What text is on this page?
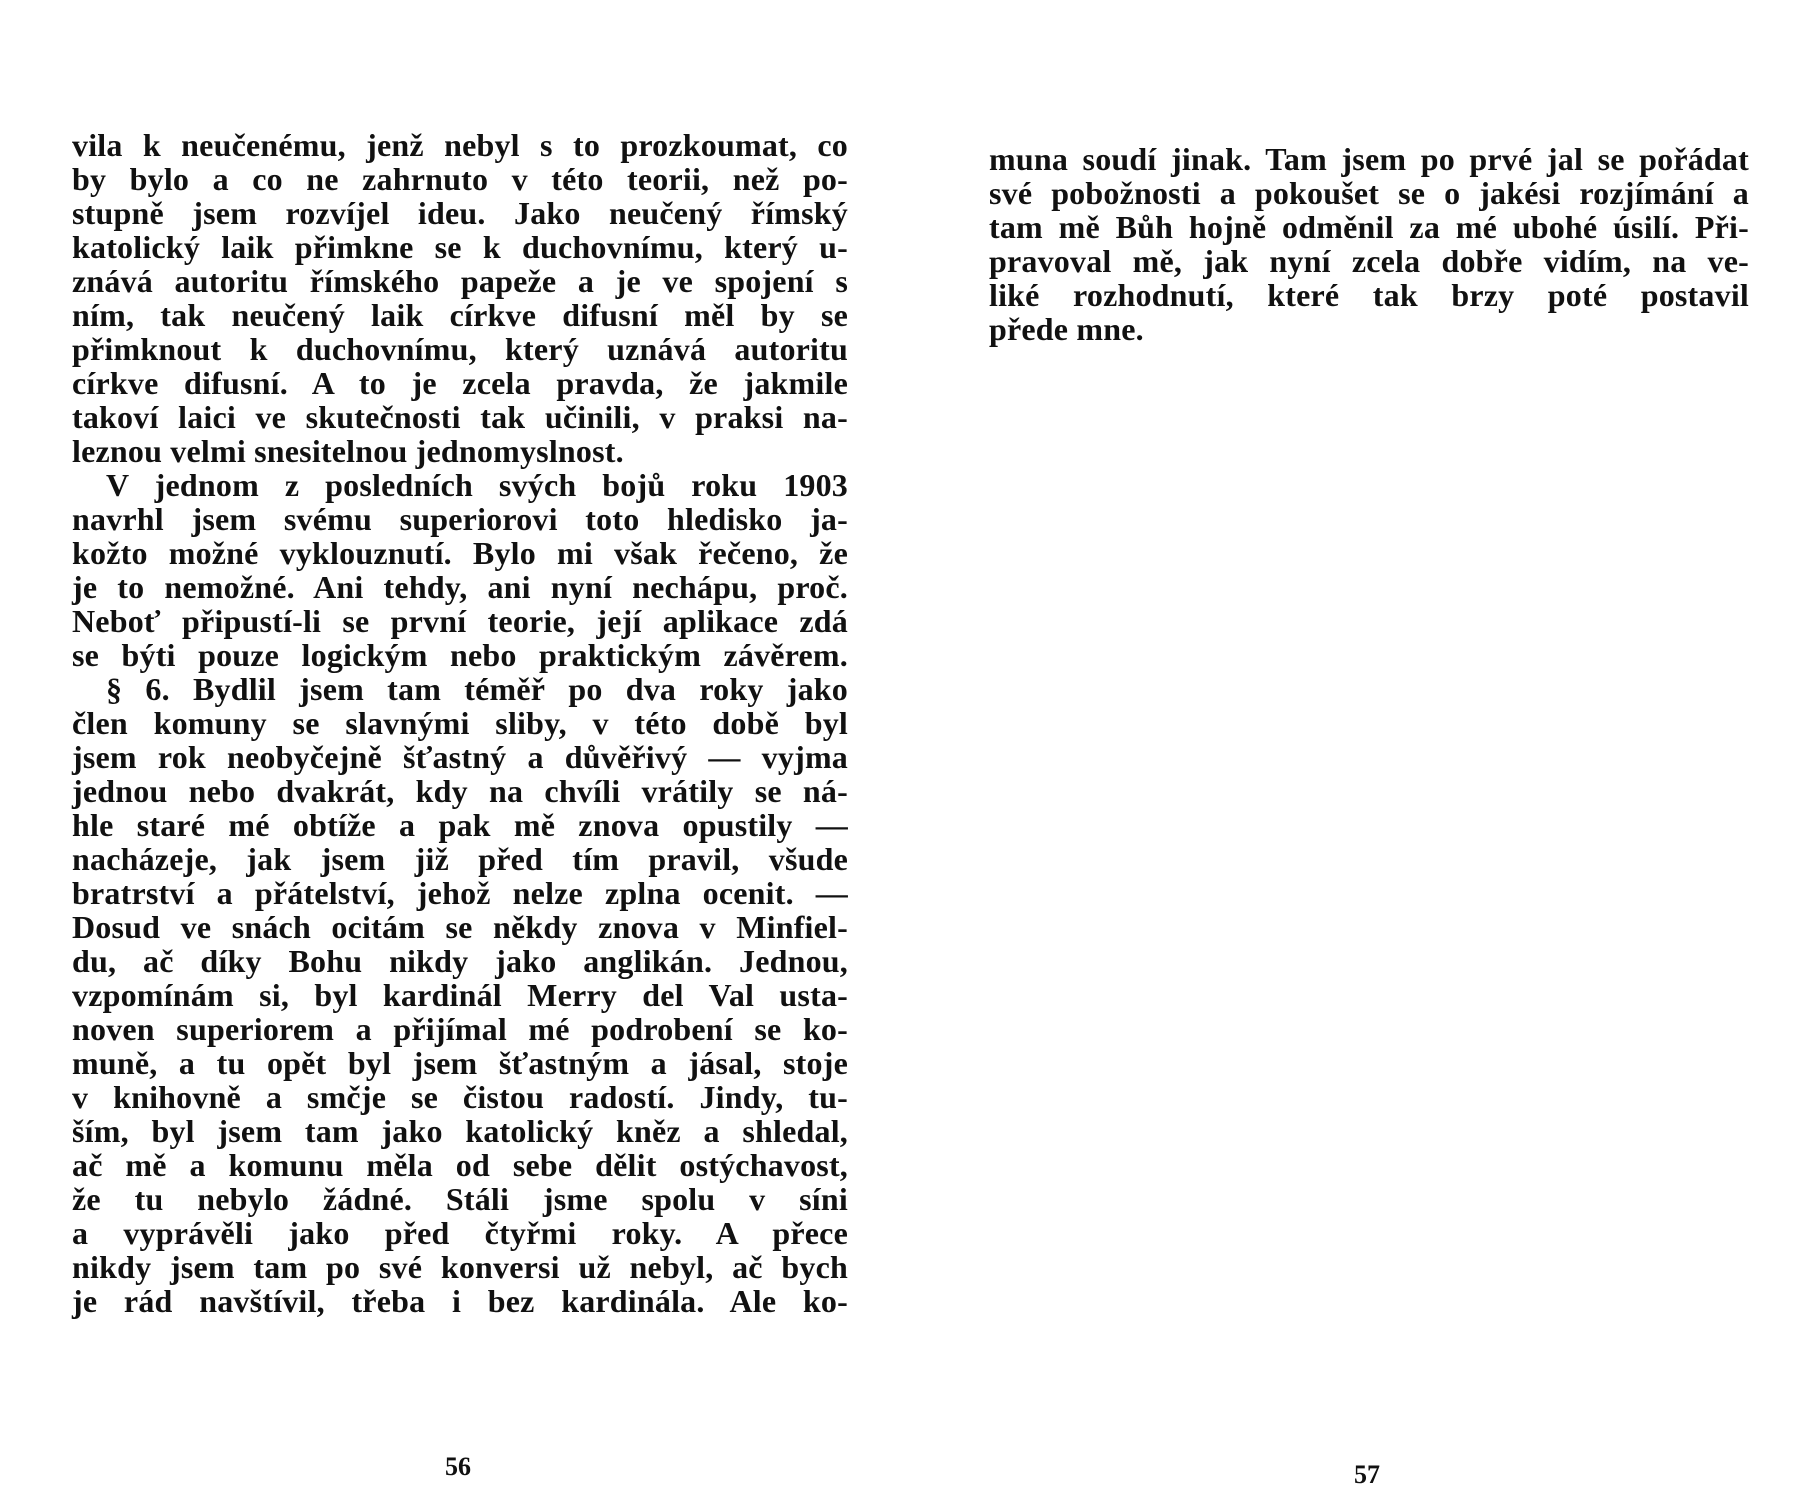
vila k neučenému, jenž nebyl s to prozkoumat, co
by bylo a co ne zahrnuto v této teorii, než po-
stupně jsem rozvíjel ideu. Jako neučený římský
katolický laik přimkne se k duchovnímu, který u-
znává autoritu římského papeže a je ve spojení s
ním, tak neučený laik církve difusní měl by se
přimknout k duchovnímu, který uznává autoritu
církve difusní. A to je zcela pravda, že jakmile
takoví laici ve skutečnosti tak učinili, v praksi na-
leznou velmi snesitelnou jednomyslnost.
V jednom z posledních svých bojů roku 1903
navrhl jsem svému superiorovi toto hledisko ja-
kožto možné vyklouznutí. Bylo mi však řečeno, že
je to nemožné. Ani tehdy, ani nyní nechápu, proč.
Neboť připustí-li se první teorie, její aplikace zdá
se býti pouze logickým nebo praktickým závěrem.
§ 6. Bydlil jsem tam téměř po dva roky jako
člen komuny se slavnými sliby, v této době byl
jsem rok neobyčejně šťastný a důvěřivý — vyjma
jednou nebo dvakrát, kdy na chvíli vrátily se ná-
hle staré mé obtíže a pak mě znova opustily —
nacházeje, jak jsem již před tím pravil, všude
bratrství a přátelství, jehož nelze zplna ocenit. —
Dosud ve snách ocitám se někdy znova v Minfiel-
du, ač díky Bohu nikdy jako anglikán. Jednou,
vzpomínám si, byl kardinál Merry del Val usta-
noven superiorem a přijímal mé podrobení se ko-
muně, a tu opět byl jsem šťastným a jásal, stoje
v knihovně a smčje se čistou radostí. Jindy, tu-
ším, byl jsem tam jako katolický kněz a shledal,
ač mě a komunu měla od sebe dělit ostýchavost,
že tu nebylo žádné. Stáli jsme spolu v síni
a vyprávěli jako před čtyřmi roky. A přece
nikdy jsem tam po své konversi už nebyl, ač bych
je rád navštívil, třeba i bez kardinála. Ale ko-
56
muna soudí jinak. Tam jsem po prvé jal se pořádat
své pobožnosti a pokoušet se o jakési rozjímání a
tam mě Bůh hojně odměnil za mé ubohé úsilí. Při-
pravoval mě, jak nyní zcela dobře vidím, na ve-
liké rozhodnutí, které tak brzy poté postavil
přede mne.
57
